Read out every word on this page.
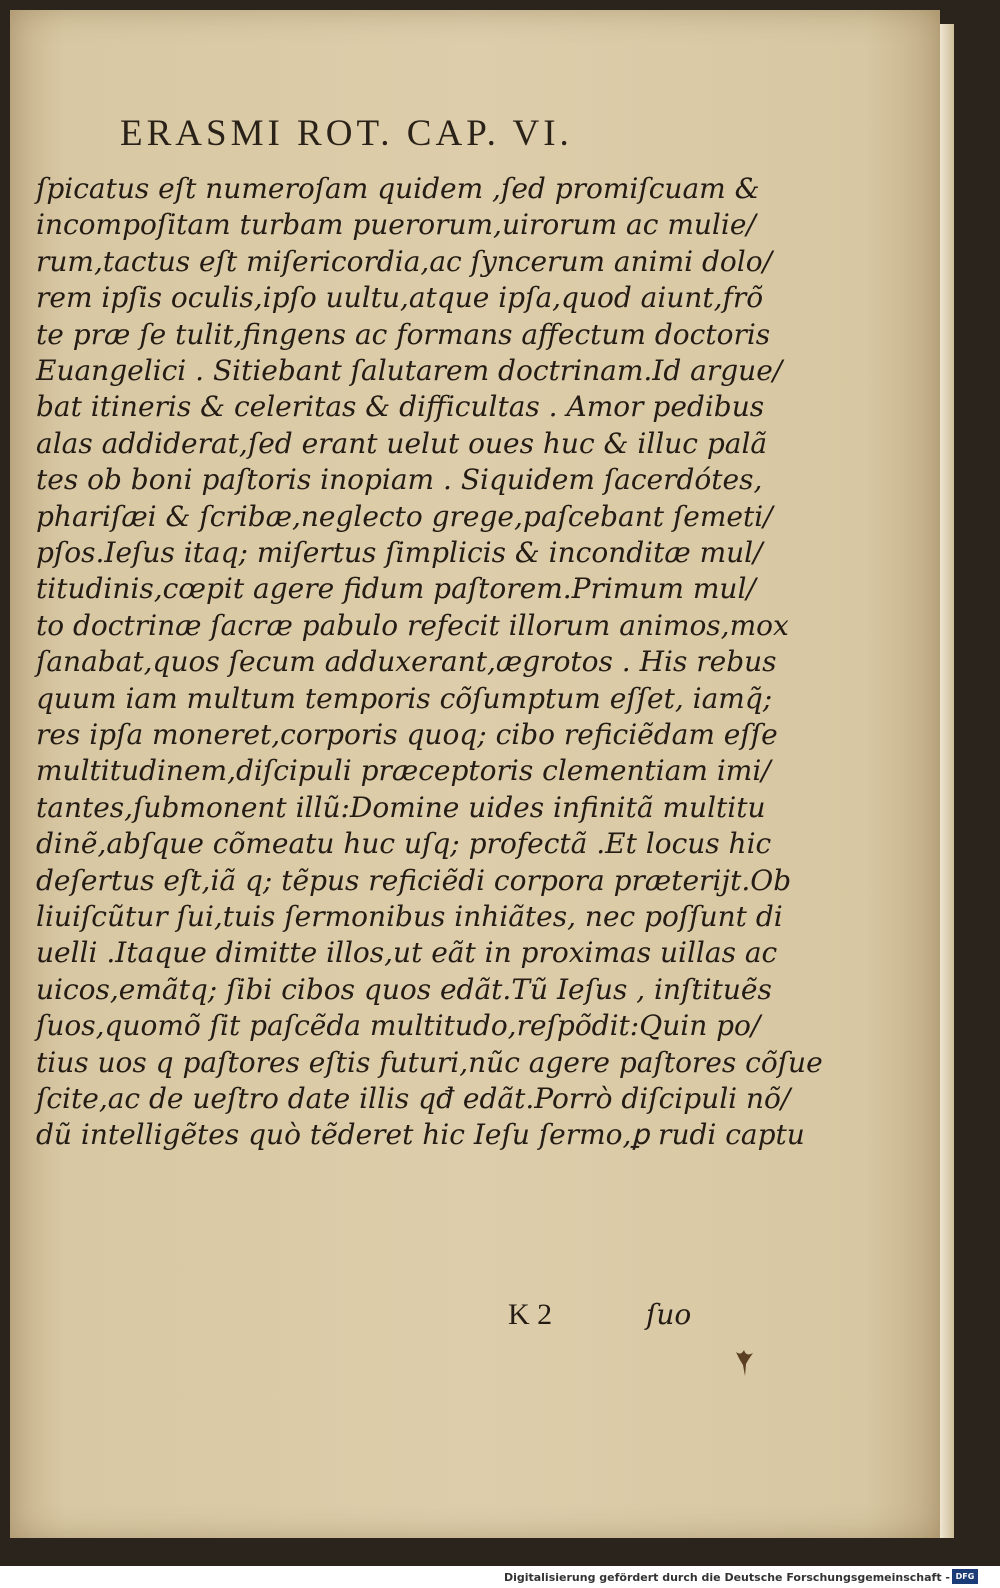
ERASMI ROT. CAP. VI.
ſpicatus eſt numeroſam quidem ,ſed promiſcuam &
incompoſitam turbam puerorum,uirorum ac mulie/
rum,tactus eſt miſericordia,ac ſyncerum animi dolo/
rem ipſis oculis,ipſo uultu,atque ipſa,quod aiunt,frõ
te præ ſe tulit,fingens ac formans affectum doctoris
Euangelici . Sitiebant ſalutarem doctrinam.Id argue/
bat itineris & celeritas & difficultas . Amor pedibus
alas addiderat,ſed erant uelut oues huc & illuc palã
tes ob boni paſtoris inopiam . Siquidem ſacerdótes,
phariſæi & ſcribæ,neglecto grege,paſcebant ſemeti/
pſos.Ieſus itaq; miſertus ſimplicis & inconditæ mul/
titudinis,cœpit agere fidum paſtorem.Primum mul/
to doctrinæ ſacræ pabulo refecit illorum animos,mox
ſanabat,quos ſecum adduxerant,ægrotos . His rebus
quum iam multum temporis cõſumptum eſſet, iamq̃;
res ipſa moneret,corporis quoq; cibo reficiẽdam eſſe
multitudinem,diſcipuli præceptoris clementiam imi/
tantes,ſubmonent illũ:Domine uides infinitã multitu
dinẽ,abſque cõmeatu huc uſq; profectã .Et locus hic
deſertus eſt,iã q; tẽpus reficiẽdi corpora præterijt.Ob
liuiſcũtur ſui,tuis ſermonibus inhiãtes, nec poſſunt di
uelli .Itaque dimitte illos,ut eãt in proximas uillas ac
uicos,emãtq; ſibi cibos quos edãt.Tũ Ieſus , inſtituẽs
ſuos,quomõ ſit paſcẽda multitudo,reſpõdit:Quin po/
tius uos q paſtores eſtis futuri,nũc agere paſtores cõſue
ſcite,ac de ueſtro date illis qđ edãt.Porrò diſcipuli nõ/
dũ intelligẽtes quò tẽderet hic Ieſu ſermo,ꝑ rudi captu
K 2	ſuo
Digitalisierung gefördert durch die Deutsche Forschungsgemeinschaft - DFG
